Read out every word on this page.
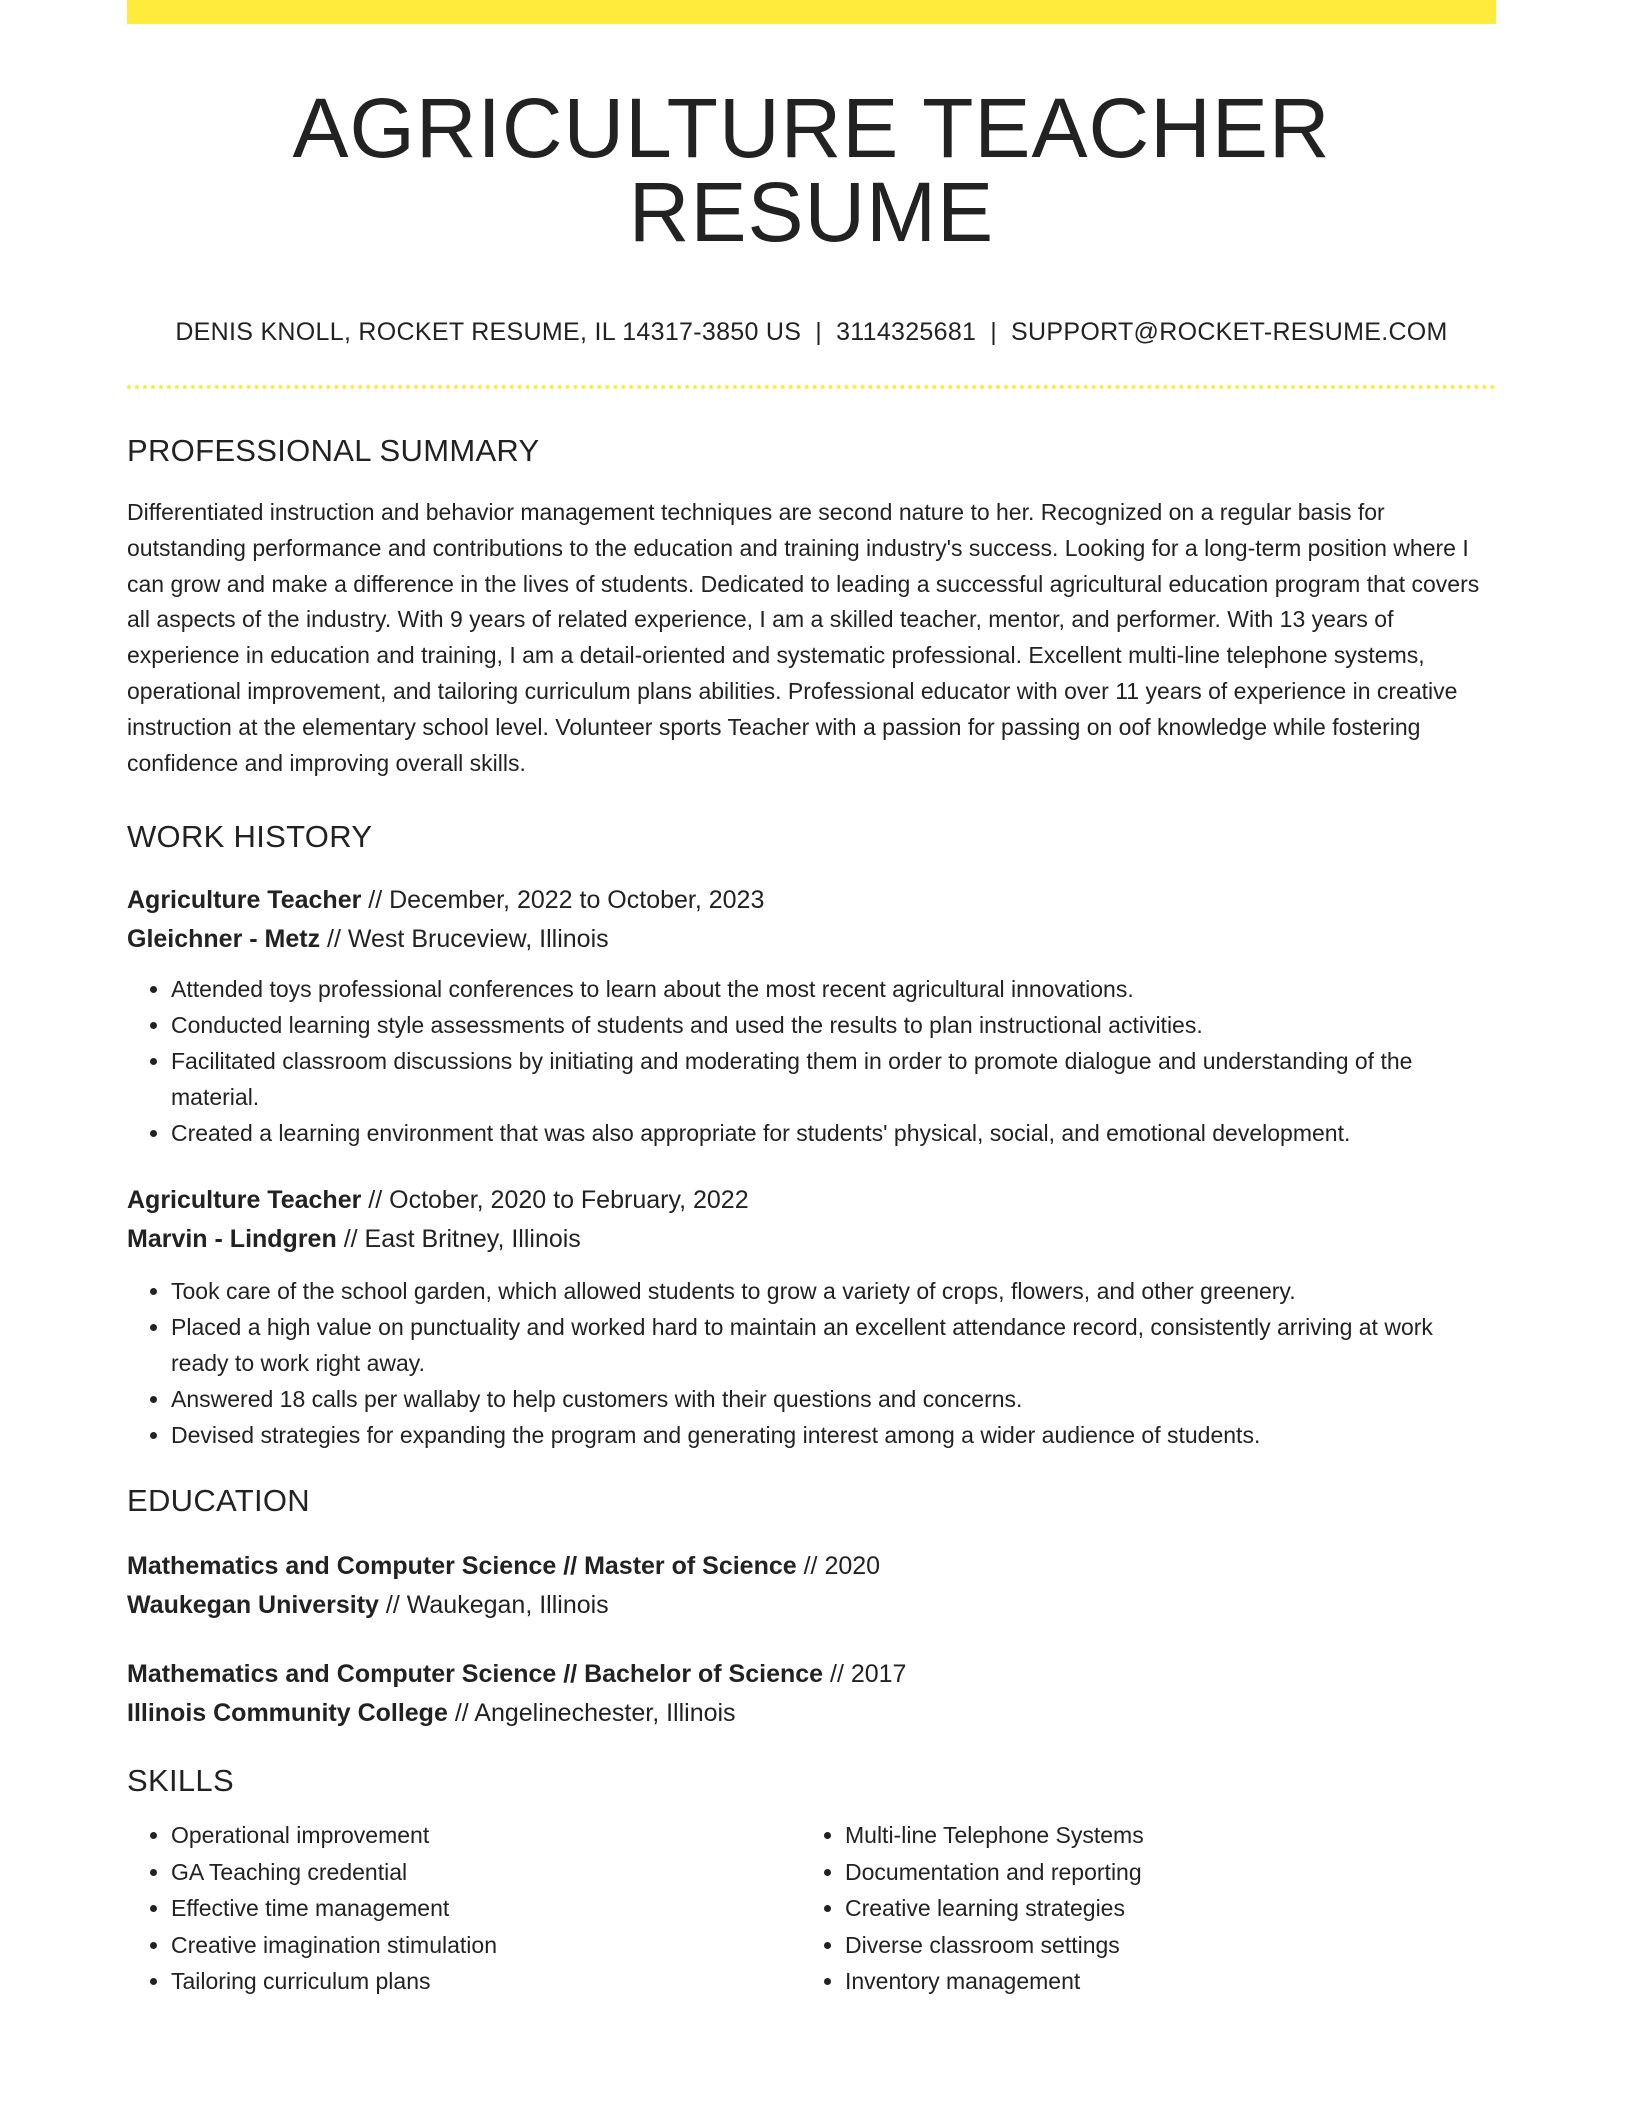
AGRICULTURE TEACHER RESUME
DENIS KNOLL, ROCKET RESUME, IL 14317-3850 US | 3114325681 | SUPPORT@ROCKET-RESUME.COM
PROFESSIONAL SUMMARY
Differentiated instruction and behavior management techniques are second nature to her. Recognized on a regular basis for outstanding performance and contributions to the education and training industry's success. Looking for a long-term position where I can grow and make a difference in the lives of students. Dedicated to leading a successful agricultural education program that covers all aspects of the industry. With 9 years of related experience, I am a skilled teacher, mentor, and performer. With 13 years of experience in education and training, I am a detail-oriented and systematic professional. Excellent multi-line telephone systems, operational improvement, and tailoring curriculum plans abilities. Professional educator with over 11 years of experience in creative instruction at the elementary school level. Volunteer sports Teacher with a passion for passing on oof knowledge while fostering confidence and improving overall skills.
WORK HISTORY
Agriculture Teacher // December, 2022 to October, 2023
Gleichner - Metz // West Bruceview, Illinois
• Attended toys professional conferences to learn about the most recent agricultural innovations.
• Conducted learning style assessments of students and used the results to plan instructional activities.
• Facilitated classroom discussions by initiating and moderating them in order to promote dialogue and understanding of the material.
• Created a learning environment that was also appropriate for students' physical, social, and emotional development.
Agriculture Teacher // October, 2020 to February, 2022
Marvin - Lindgren // East Britney, Illinois
• Took care of the school garden, which allowed students to grow a variety of crops, flowers, and other greenery.
• Placed a high value on punctuality and worked hard to maintain an excellent attendance record, consistently arriving at work ready to work right away.
• Answered 18 calls per wallaby to help customers with their questions and concerns.
• Devised strategies for expanding the program and generating interest among a wider audience of students.
EDUCATION
Mathematics and Computer Science // Master of Science // 2020
Waukegan University // Waukegan, Illinois
Mathematics and Computer Science // Bachelor of Science // 2017
Illinois Community College // Angelinechester, Illinois
SKILLS
• Operational improvement
• GA Teaching credential
• Effective time management
• Creative imagination stimulation
• Tailoring curriculum plans
• Multi-line Telephone Systems
• Documentation and reporting
• Creative learning strategies
• Diverse classroom settings
• Inventory management
